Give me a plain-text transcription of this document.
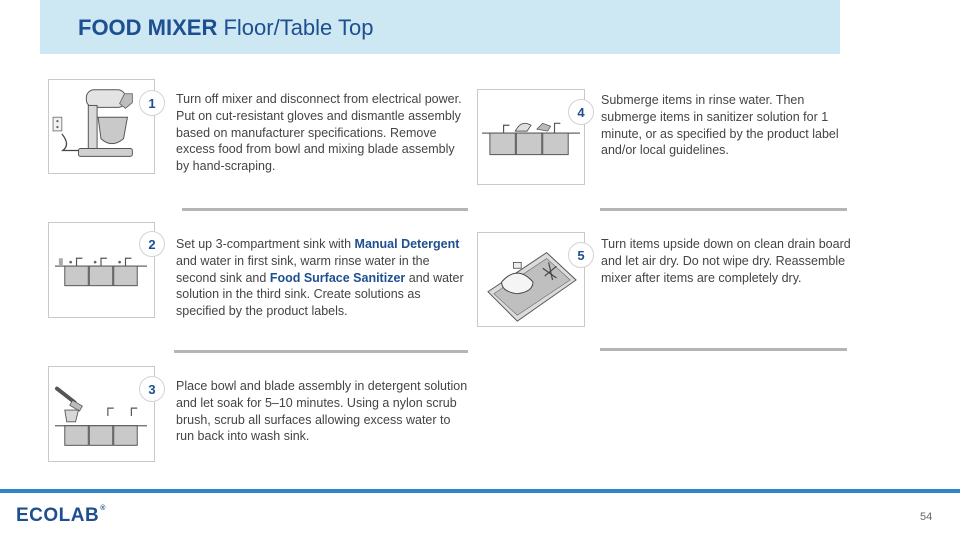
FOOD MIXER Floor/Table Top
1	Turn off mixer and disconnect from electrical power. Put on cut-resistant gloves and dismantle assembly based on manufacturer specifications. Remove excess food from bowl and mixing blade assembly by hand-scraping.
2	Set up 3-compartment sink with Manual Detergent and water in first sink, warm rinse water in the second sink and Food Surface Sanitizer and water solution in the third sink. Create solutions as specified by the product labels.
3	Place bowl and blade assembly in detergent solution and let soak for 5–10 minutes. Using a nylon scrub brush, scrub all surfaces allowing excess water to run back into wash sink.
4
Submerge items in rinse water. Then submerge items in sanitizer solution for 1 minute, or as specified by the product label and/or local guidelines.
5
Turn items upside down on clean drain board and let air dry. Do not wipe dry. Reassemble mixer after items are completely dry.
ECOLAB®
54
